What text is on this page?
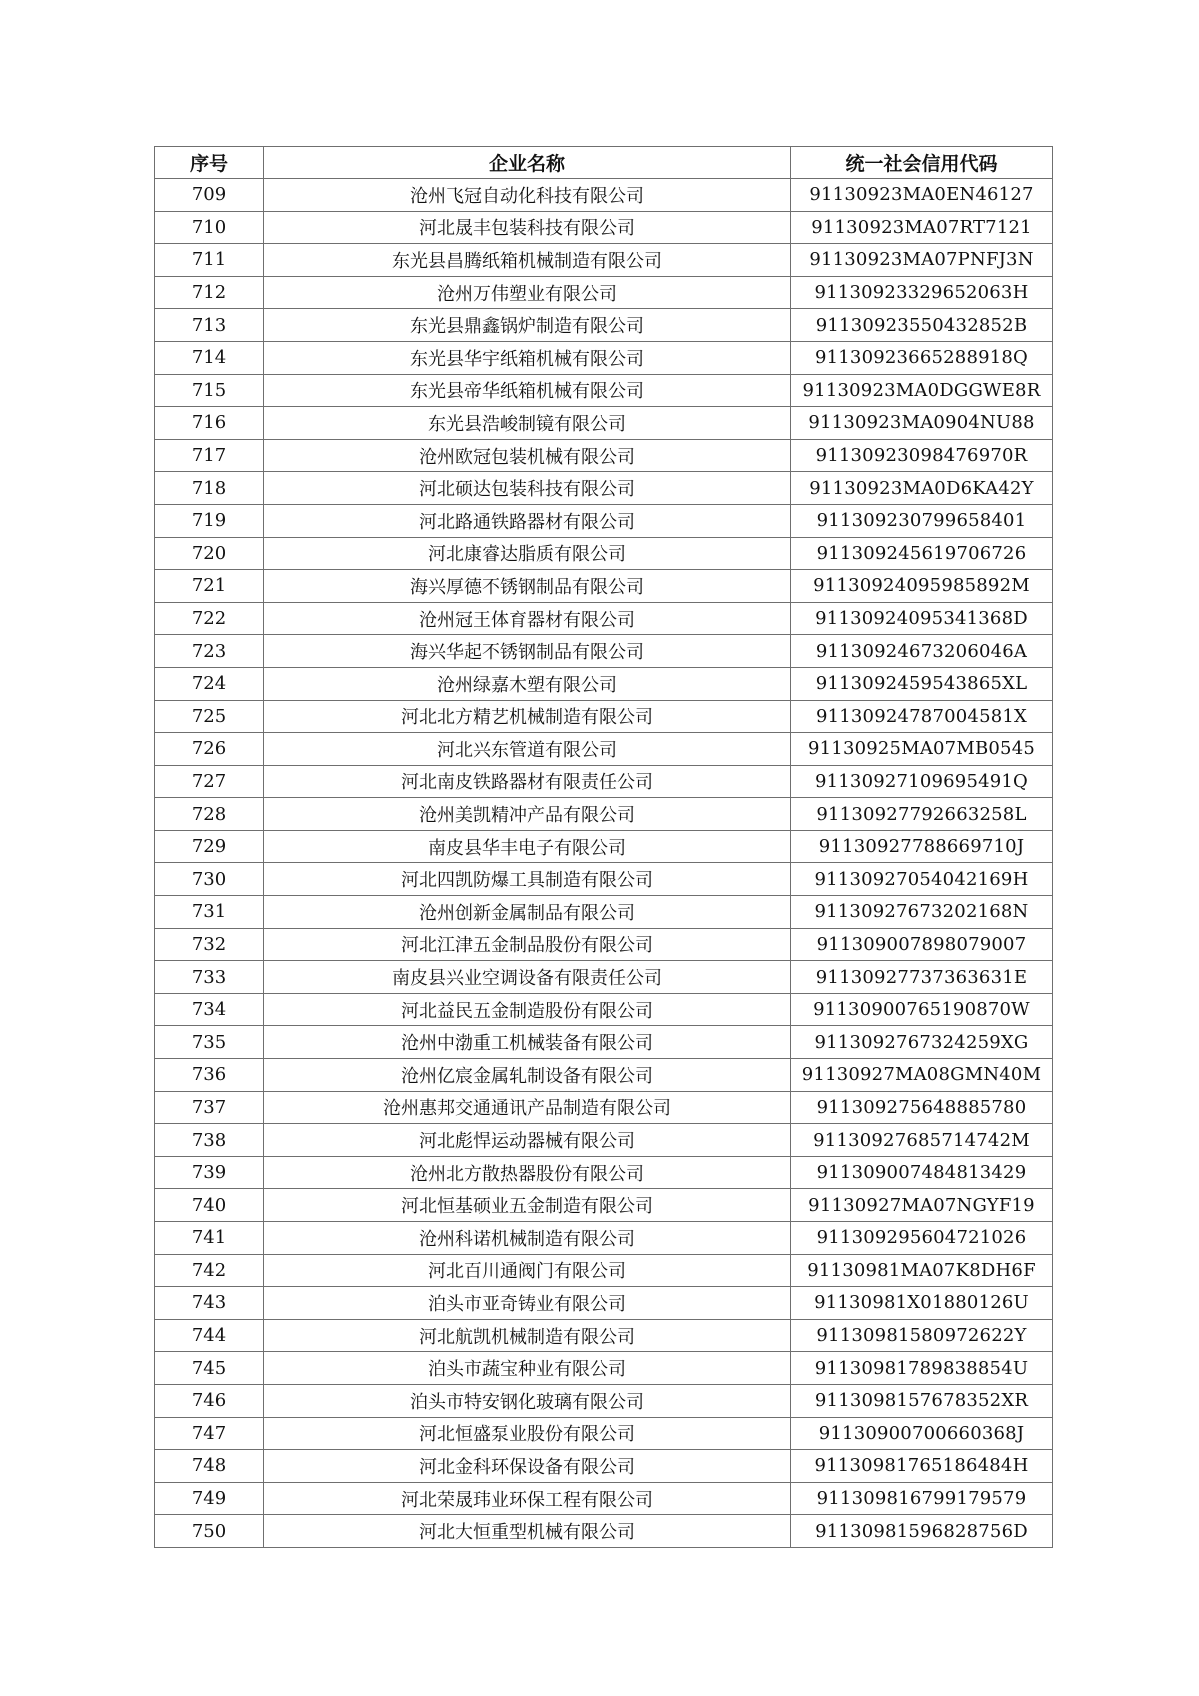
序号	企业名称	统一社会信用代码
709	沧州飞冠自动化科技有限公司	91130923MA0EN46127
710	河北晟丰包装科技有限公司	91130923MA07RT7121
711	东光县昌腾纸箱机械制造有限公司	91130923MA07PNFJ3N
712	沧州万伟塑业有限公司	91130923329652063H
713	东光县鼎鑫锅炉制造有限公司	91130923550432852B
714	东光县华宇纸箱机械有限公司	91130923665288918Q
715	东光县帝华纸箱机械有限公司	91130923MA0DGGWE8R
716	东光县浩峻制镜有限公司	91130923MA0904NU88
717	沧州欧冠包装机械有限公司	91130923098476970R
718	河北硕达包装科技有限公司	91130923MA0D6KA42Y
719	河北路通铁路器材有限公司	911309230799658401
720	河北康睿达脂质有限公司	911309245619706726
721	海兴厚德不锈钢制品有限公司	91130924095985892M
722	沧州冠王体育器材有限公司	91130924095341368D
723	海兴华起不锈钢制品有限公司	91130924673206046A
724	沧州绿嘉木塑有限公司	9113092459543865XL
725	河北北方精艺机械制造有限公司	91130924787004581X
726	河北兴东管道有限公司	91130925MA07MB0545
727	河北南皮铁路器材有限责任公司	91130927109695491Q
728	沧州美凯精冲产品有限公司	91130927792663258L
729	南皮县华丰电子有限公司	91130927788669710J
730	河北四凯防爆工具制造有限公司	91130927054042169H
731	沧州创新金属制品有限公司	91130927673202168N
732	河北江津五金制品股份有限公司	911309007898079007
733	南皮县兴业空调设备有限责任公司	91130927737363631E
734	河北益民五金制造股份有限公司	91130900765190870W
735	沧州中渤重工机械装备有限公司	9113092767324259XG
736	沧州亿宸金属轧制设备有限公司	91130927MA08GMN40M
737	沧州惠邦交通通讯产品制造有限公司	911309275648885780
738	河北彪悍运动器械有限公司	91130927685714742M
739	沧州北方散热器股份有限公司	911309007484813429
740	河北恒基硕业五金制造有限公司	91130927MA07NGYF19
741	沧州科诺机械制造有限公司	911309295604721026
742	河北百川通阀门有限公司	91130981MA07K8DH6F
743	泊头市亚奇铸业有限公司	91130981X01880126U
744	河北航凯机械制造有限公司	91130981580972622Y
745	泊头市蔬宝种业有限公司	91130981789838854U
746	泊头市特安钢化玻璃有限公司	9113098157678352XR
747	河北恒盛泵业股份有限公司	91130900700660368J
748	河北金科环保设备有限公司	91130981765186484H
749	河北荣晟玮业环保工程有限公司	911309816799179579
750	河北大恒重型机械有限公司	91130981596828756D
